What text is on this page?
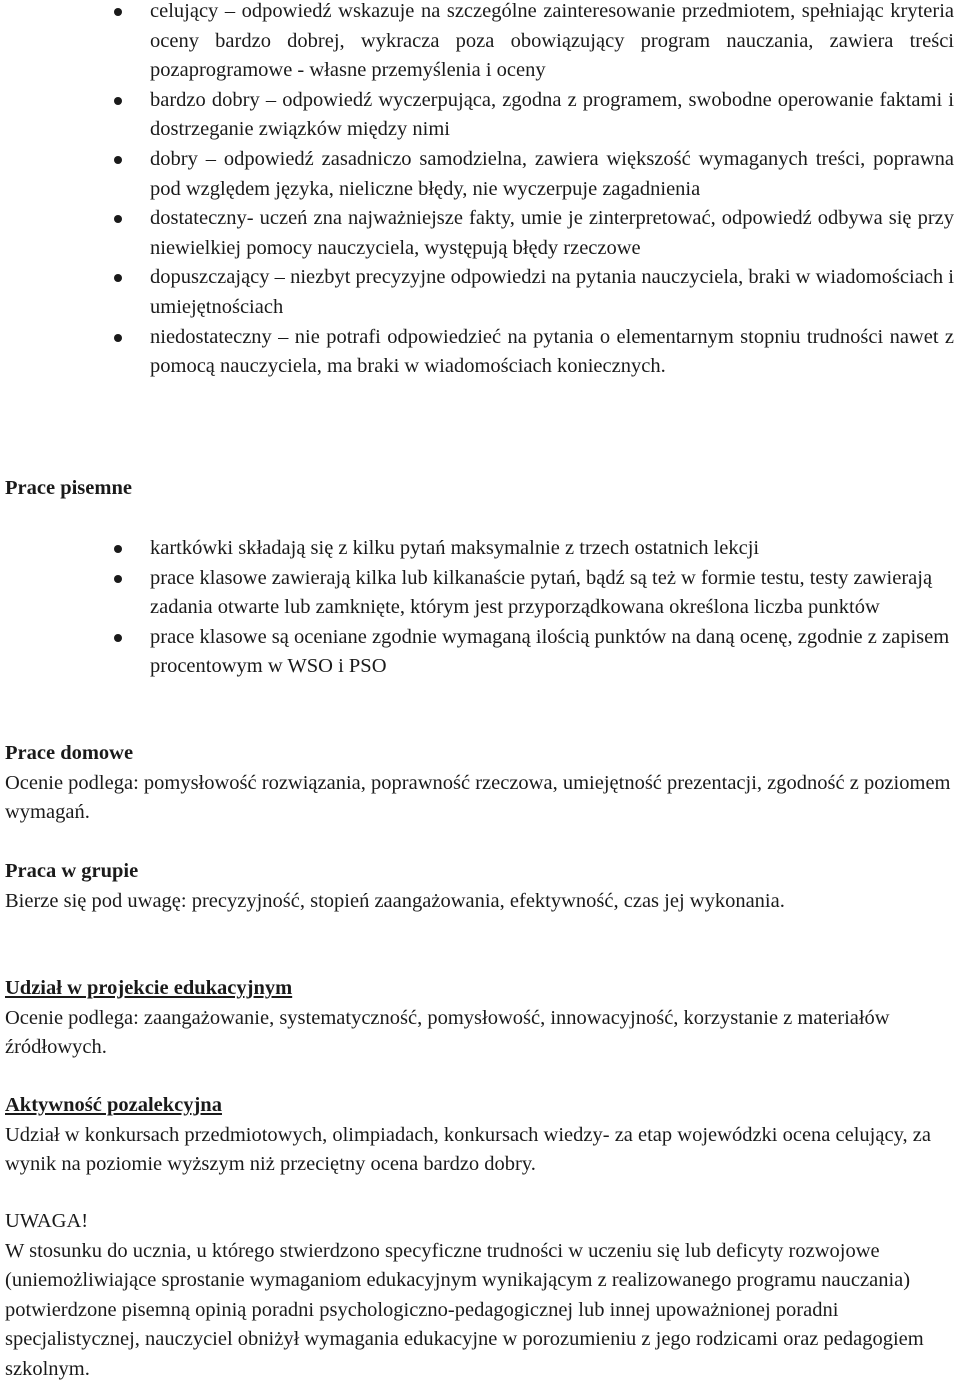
celujący – odpowiedź wskazuje na szczególne zainteresowanie przedmiotem, spełniając kryteria oceny bardzo dobrej, wykracza poza obowiązujący program nauczania, zawiera treści pozaprogramowe - własne przemyślenia i oceny
bardzo dobry – odpowiedź wyczerpująca, zgodna z programem, swobodne operowanie faktami i dostrzeganie związków między nimi
dobry – odpowiedź zasadniczo samodzielna, zawiera większość wymaganych treści, poprawna pod względem języka, nieliczne błędy, nie wyczerpuje zagadnienia
dostateczny- uczeń zna najważniejsze fakty, umie je zinterpretować, odpowiedź odbywa się przy niewielkiej pomocy nauczyciela, występują błędy rzeczowe
dopuszczający – niezbyt precyzyjne odpowiedzi na pytania nauczyciela, braki w wiadomościach i umiejętnościach
niedostateczny – nie potrafi odpowiedzieć na pytania o elementarnym stopniu trudności nawet z pomocą nauczyciela, ma braki w wiadomościach koniecznych.
Prace pisemne
kartkówki składają się z kilku pytań maksymalnie z trzech ostatnich lekcji
prace klasowe zawierają kilka lub kilkanaście pytań, bądź są też w formie testu, testy zawierają zadania otwarte lub zamknięte, którym jest przyporządkowana określona liczba punktów
prace klasowe są oceniane zgodnie wymaganą ilością punktów na daną ocenę, zgodnie z zapisem procentowym w WSO i PSO
Prace domowe
Ocenie podlega: pomysłowość rozwiązania, poprawność rzeczowa, umiejętność prezentacji, zgodność z poziomem wymagań.
Praca w grupie
Bierze się pod uwagę: precyzyjność, stopień zaangażowania, efektywność, czas jej wykonania.
Udział w projekcie edukacyjnym
Ocenie podlega: zaangażowanie, systematyczność, pomysłowość, innowacyjność, korzystanie z materiałów źródłowych.
Aktywność pozalekcyjna
Udział w konkursach przedmiotowych, olimpiadach, konkursach wiedzy- za etap wojewódzki ocena celujący, za wynik na poziomie wyższym niż przeciętny ocena bardzo dobry.
UWAGA!
W stosunku do ucznia, u którego stwierdzono specyficzne trudności w uczeniu się lub deficyty rozwojowe (uniemożliwiające sprostanie wymaganiom edukacyjnym wynikającym z realizowanego programu nauczania) potwierdzone pisemną opinią poradni psychologiczno-pedagogicznej lub innej upoważnionej poradni specjalistycznej, nauczyciel obniżył wymagania edukacyjne w porozumieniu z jego rodzicami oraz pedagogiem szkolnym.
